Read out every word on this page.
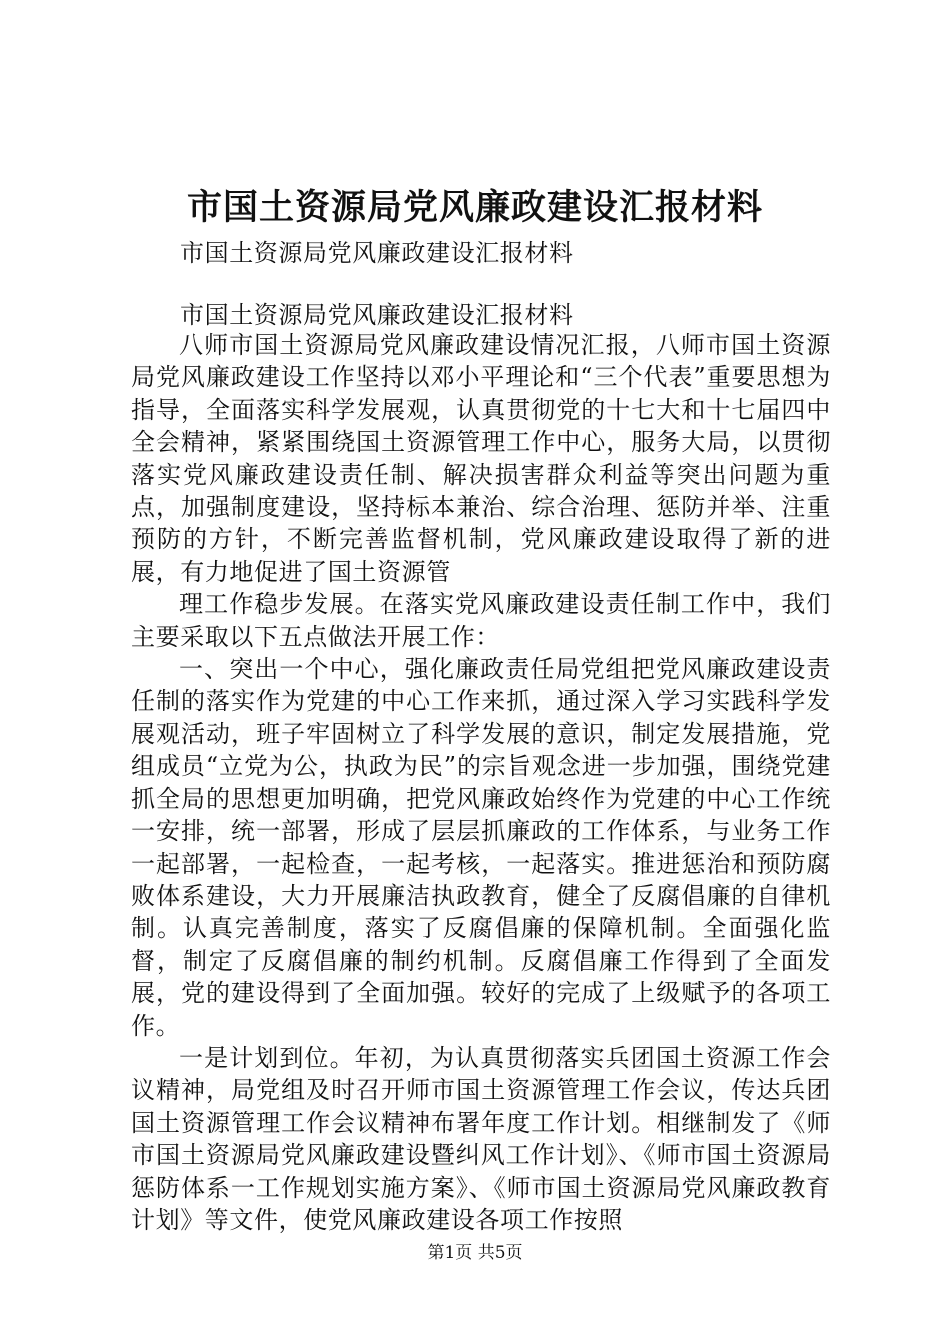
市国土资源局党风廉政建设汇报材料

市国土资源局党风廉政建设汇报材料

市国土资源局党风廉政建设汇报材料

八师市国土资源局党风廉政建设情况汇报，八师市国土资源局党风廉政建设工作坚持以邓小平理论和“三个代表”重要思想为指导，全面落实科学发展观，认真贯彻党的十七大和十七届四中全会精神，紧紧围绕国土资源管理工作中心，服务大局，以贯彻落实党风廉政建设责任制、解决损害群众利益等突出问题为重点，加强制度建设，坚持标本兼治、综合治理、惩防并举、注重预防的方针，不断完善监督机制，党风廉政建设取得了新的进展，有力地促进了国土资源管

理工作稳步发展。在落实党风廉政建设责任制工作中，我们主要采取以下五点做法开展工作：

一、突出一个中心，强化廉政责任局党组把党风廉政建设责任制的落实作为党建的中心工作来抓，通过深入学习实践科学发展观活动，班子牢固树立了科学发展的意识，制定发展措施，党组成员“立党为公，执政为民”的宗旨观念进一步加强，围绕党建抓全局的思想更加明确，把党风廉政始终作为党建的中心工作统一安排，统一部署，形成了层层抓廉政的工作体系，与业务工作一起部署，一起检查，一起考核，一起落实。推进惩治和预防腐败体系建设，大力开展廉洁执政教育，健全了反腐倡廉的自律机制。认真完善制度，落实了反腐倡廉的保障机制。全面强化监督，制定了反腐倡廉的制约机制。反腐倡廉工作得到了全面发展，党的建设得到了全面加强。较好的完成了上级赋予的各项工作。

一是计划到位。年初，为认真贯彻落实兵团国土资源工作会议精神，局党组及时召开师市国土资源管理工作会议，传达兵团国土资源管理工作会议精神布署年度工作计划。相继制发了《师市国土资源局党风廉政建设暨纠风工作计划》、《师市国土资源局惩防体系一工作规划实施方案》、《师市国土资源局党风廉政教育计划》等文件，使党风廉政建设各项工作按照

第1页 共5页
